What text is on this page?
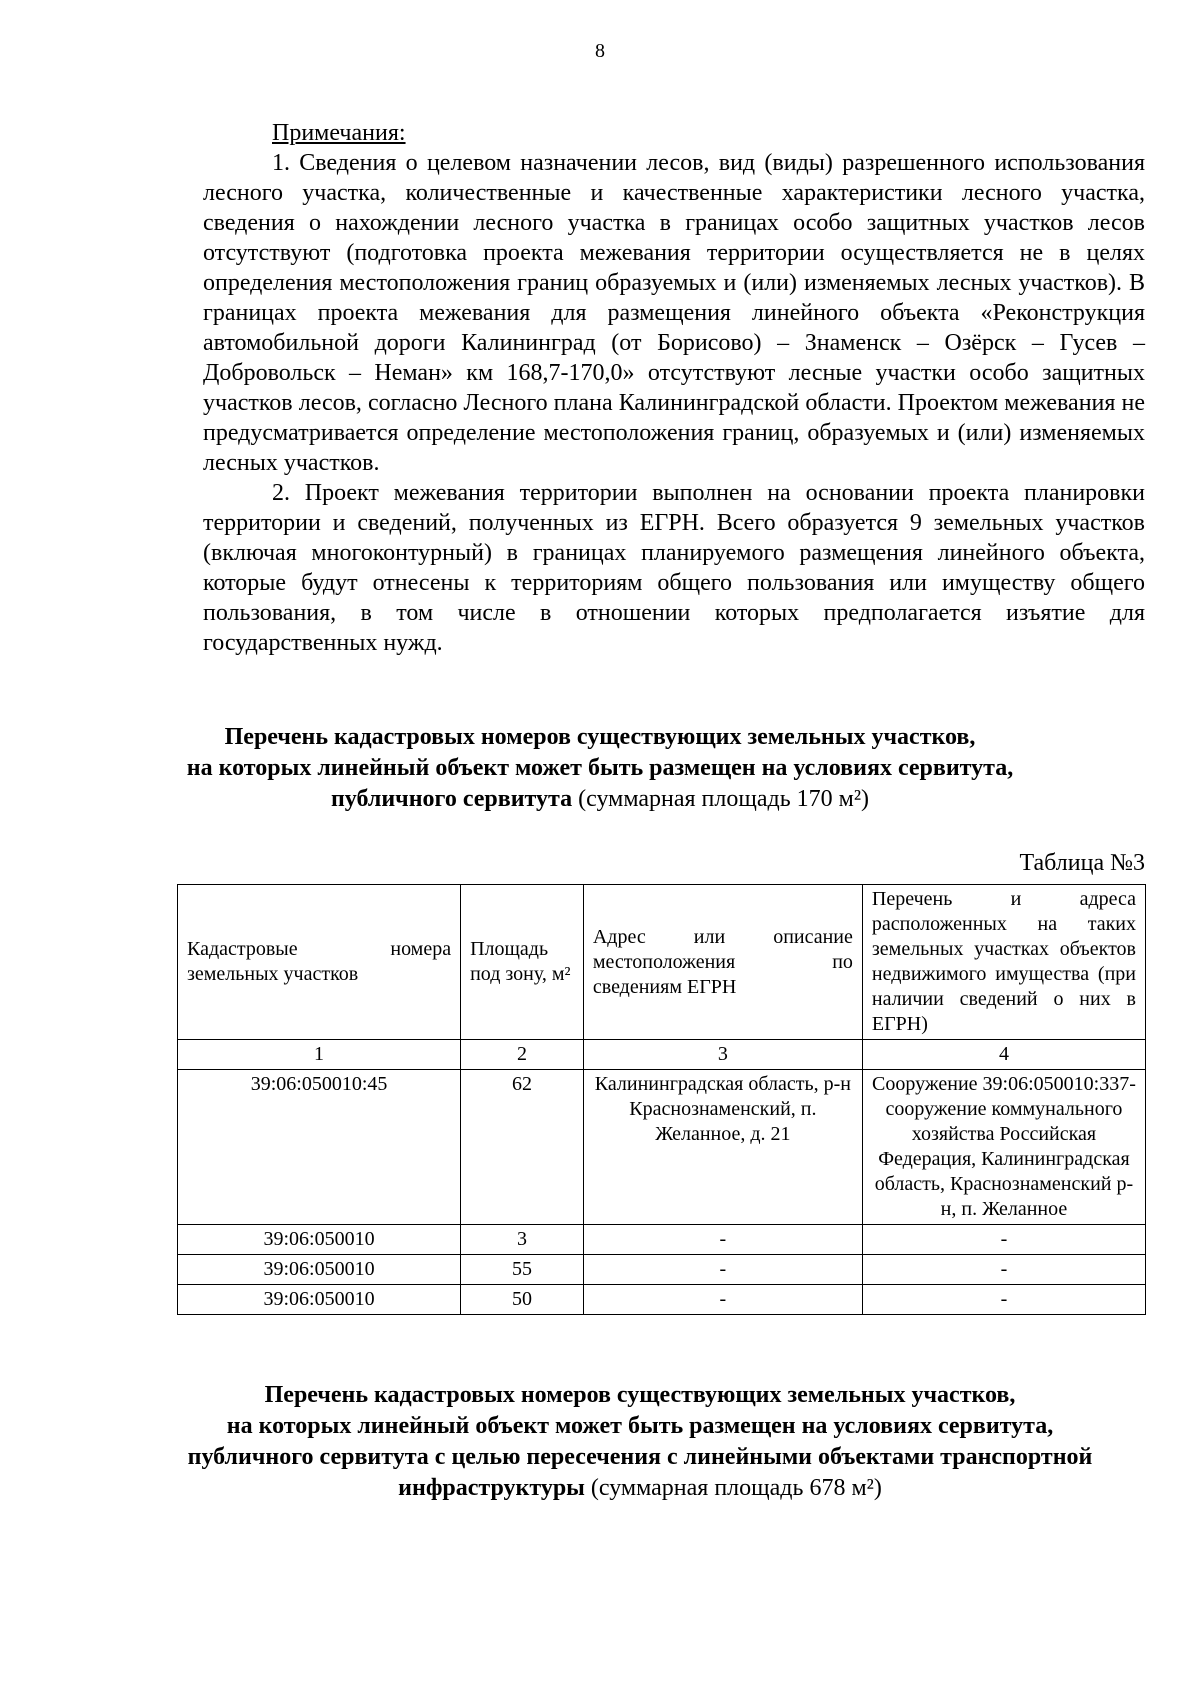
8

Примечания:

1. Сведения о целевом назначении лесов, вид (виды) разрешенного использования лесного участка, количественные и качественные характеристики лесного участка, сведения о нахождении лесного участка в границах особо защитных участков лесов отсутствуют (подготовка проекта межевания территории осуществляется не в целях определения местоположения границ образуемых и (или) изменяемых лесных участков). В границах проекта межевания для размещения линейного объекта «Реконструкция автомобильной дороги Калининград (от Борисово) – Знаменск – Озёрск – Гусев – Добровольск – Неман» км 168,7-170,0» отсутствуют лесные участки особо защитных участков лесов, согласно Лесного плана Калининградской области. Проектом межевания не предусматривается определение местоположения границ, образуемых и (или) изменяемых лесных участков.

2. Проект межевания территории выполнен на основании проекта планировки территории и сведений, полученных из ЕГРН. Всего образуется 9 земельных участков (включая многоконтурный) в границах планируемого размещения линейного объекта, которые будут отнесены к территориям общего пользования или имуществу общего пользования, в том числе в отношении которых предполагается изъятие для государственных нужд.

Перечень кадастровых номеров существующих земельных участков,
на которых линейный объект может быть размещен на условиях сервитута,
публичного сервитута (суммарная площадь 170 м²)
Таблица №3
Кадастровые номера земельных участков	Площадь под зону, м²	Адрес или описание местоположения по сведениям ЕГРН	Перечень и адреса расположенных на таких земельных участках объектов недвижимого имущества (при наличии сведений о них в ЕГРН)
1	2	3	4
39:06:050010:45	62	Калининградская область, р-н Краснознаменский, п. Желанное, д. 21	Сооружение 39:06:050010:337- сооружение коммунального хозяйства Российская Федерация, Калининградская область, Краснознаменский р-н, п. Желанное
39:06:050010	3	-	-
39:06:050010	55	-	-
39:06:050010	50	-	-
Перечень кадастровых номеров существующих земельных участков,
на которых линейный объект может быть размещен на условиях сервитута,
публичного сервитута с целью пересечения с линейными объектами транспортной
инфраструктуры (суммарная площадь 678 м²)
